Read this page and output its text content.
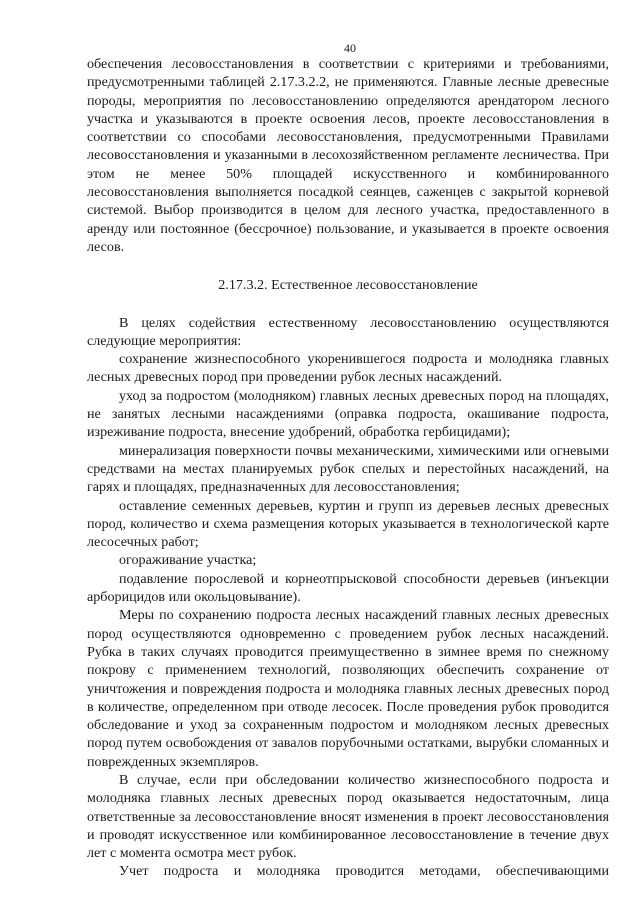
40

обеспечения лесовосстановления в соответствии с критериями и требованиями, предусмотренными таблицей 2.17.3.2.2, не применяются. Главные лесные древесные породы, мероприятия по лесовосстановлению определяются арендатором лесного участка и указываются в проекте освоения лесов, проекте лесовосстановления в соответствии со способами лесовосстановления, предусмотренными Правилами лесовосстановления и указанными в лесохозяйственном регламенте лесничества. При этом не менее 50% площадей искусственного и комбинированного лесовосстановления выполняется посадкой сеянцев, саженцев с закрытой корневой системой. Выбор производится в целом для лесного участка, предоставленного в аренду или постоянное (бессрочное) пользование, и указывается в проекте освоения лесов.

2.17.3.2. Естественное лесовосстановление

В целях содействия естественному лесовосстановлению осуществляются следующие мероприятия:

сохранение жизнеспособного укоренившегося подроста и молодняка главных лесных древесных пород при проведении рубок лесных насаждений.

уход за подростом (молодняком) главных лесных древесных пород на площадях, не занятых лесными насаждениями (оправка подроста, окашивание подроста, изреживание подроста, внесение удобрений, обработка гербицидами);

минерализация поверхности почвы механическими, химическими или огневыми средствами на местах планируемых рубок спелых и перестойных насаждений, на гарях и площадях, предназначенных для лесовосстановления;

оставление семенных деревьев, куртин и групп из деревьев лесных древесных пород, количество и схема размещения которых указывается в технологической карте лесосечных работ;

огораживание участка;

подавление порослевой и корнеотпрысковой способности деревьев (инъекции арборицидов или окольцовывание).

Меры по сохранению подроста лесных насаждений главных лесных древесных пород осуществляются одновременно с проведением рубок лесных насаждений. Рубка в таких случаях проводится преимущественно в зимнее время по снежному покрову с применением технологий, позволяющих обеспечить сохранение от уничтожения и повреждения подроста и молодняка главных лесных древесных пород в количестве, определенном при отводе лесосек. После проведения рубок проводится обследование и уход за сохраненным подростом и молодняком лесных древесных пород путем освобождения от завалов порубочными остатками, вырубки сломанных и поврежденных экземпляров.

В случае, если при обследовании количество жизнеспособного подроста и молодняка главных лесных древесных пород оказывается недостаточным, лица ответственные за лесовосстановление вносят изменения в проект лесовосстановления и проводят искусственное или комбинированное лесовосстановление в течение двух лет с момента осмотра мест рубок.

Учет подроста и молодняка проводится методами, обеспечивающими
